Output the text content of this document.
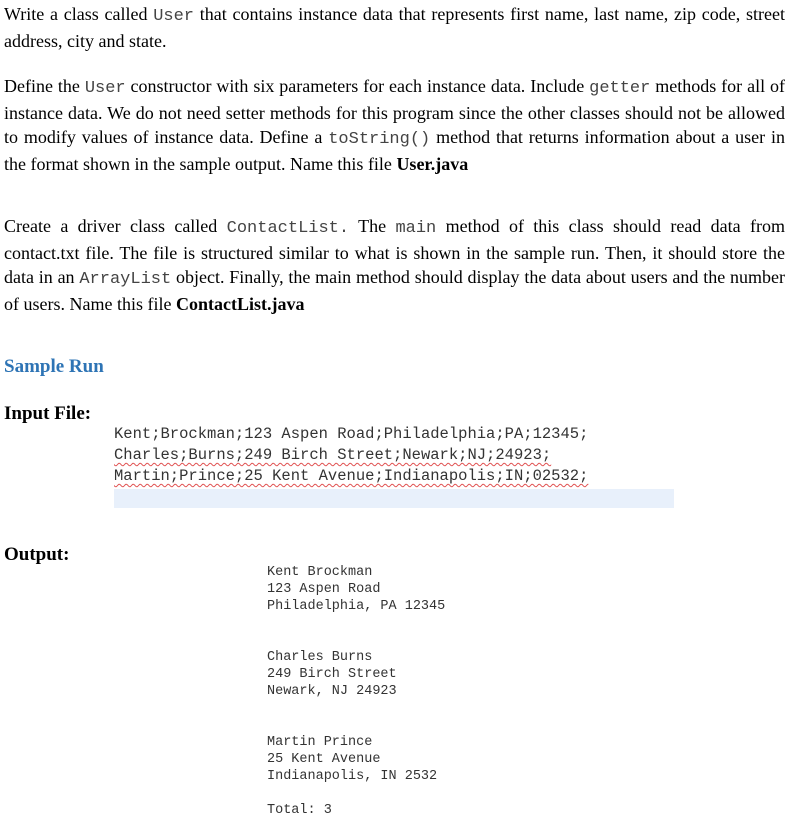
Write a class called User that contains instance data that represents first name, last name, zip code, street address, city and state.

Define the User constructor with six parameters for each instance data. Include getter methods for all of instance data. We do not need setter methods for this program since the other classes should not be allowed to modify values of instance data. Define a toString() method that returns information about a user in the format shown in the sample output. Name this file User.java

Create a driver class called ContactList. The main method of this class should read data from contact.txt file. The file is structured similar to what is shown in the sample run. Then, it should store the data in an ArrayList object. Finally, the main method should display the data about users and the number of users. Name this file ContactList.java

Sample Run
Input File:
Kent;Brockman;123 Aspen Road;Philadelphia;PA;12345;
Charles;Burns;249 Birch Street;Newark;NJ;24923;
Martin;Prince;25 Kent Avenue;Indianapolis;IN;02532;
Output:
Kent Brockman
123 Aspen Road
Philadelphia, PA 12345
Charles Burns
249 Birch Street
Newark, NJ 24923
Martin Prince
25 Kent Avenue
Indianapolis, IN 2532
Total: 3
